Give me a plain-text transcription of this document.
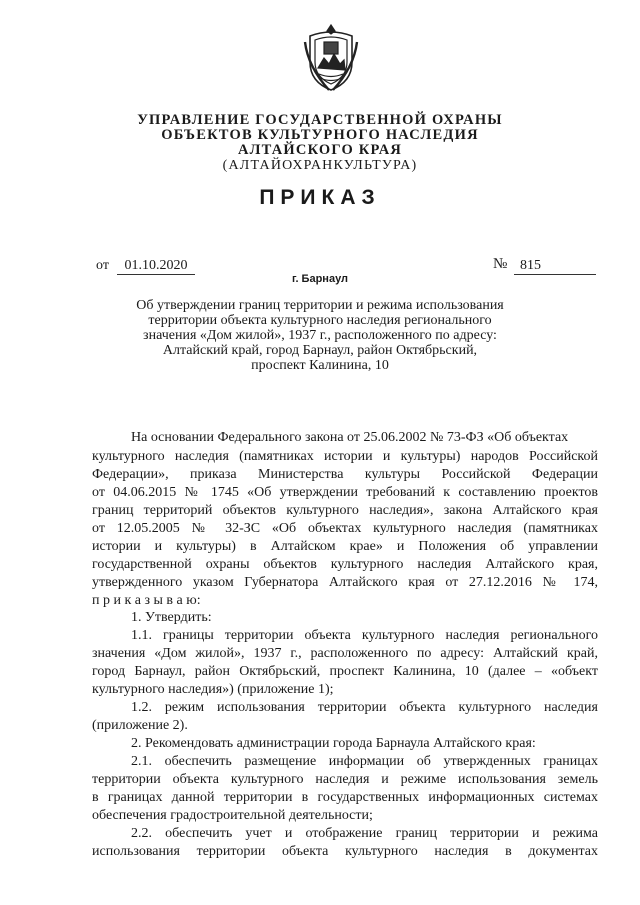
УПРАВЛЕНИЕ ГОСУДАРСТВЕННОЙ ОХРАНЫ
ОБЪЕКТОВ КУЛЬТУРНОГО НАСЛЕДИЯ
АЛТАЙСКОГО КРАЯ
(АЛТАЙОХРАНКУЛЬТУРА)
ПРИКАЗ
от	01.10.2020	№ 815
г. Барнаул
Об утверждении границ территории и режима использования
территории объекта культурного наследия регионального
значения «Дом жилой», 1937 г., расположенного по адресу:
Алтайский край, город Барнаул, район Октябрьский,
проспект Калинина, 10
На основании Федерального закона от 25.06.2002 № 73-ФЗ «Об объектах
культурного наследия (памятниках истории и культуры) народов Российской
Федерации», приказа Министерства культуры Российской Федерации
от 04.06.2015 № 1745 «Об утверждении требований к составлению проектов
границ территорий объектов культурного наследия», закона Алтайского края
от 12.05.2005 № 32-ЗС «Об объектах культурного наследия (памятниках
истории и культуры) в Алтайском крае» и Положения об управлении
государственной охраны объектов культурного наследия Алтайского края,
утвержденного указом Губернатора Алтайского края от 27.12.2016 № 174,
п р и к а з ы в а ю:
1. Утвердить:
1.1. границы территории объекта культурного наследия регионального
значения «Дом жилой», 1937 г., расположенного по адресу: Алтайский край,
город Барнаул, район Октябрьский, проспект Калинина, 10 (далее – «объект
культурного наследия») (приложение 1);
1.2. режим использования территории объекта культурного наследия
(приложение 2).
2. Рекомендовать администрации города Барнаула Алтайского края:
2.1. обеспечить размещение информации об утвержденных границах
территории объекта культурного наследия и режиме использования земель
в границах данной территории в государственных информационных системах
обеспечения градостроительной деятельности;
2.2. обеспечить учет и отображение границ территории и режима
использования территории объекта культурного наследия в документах
